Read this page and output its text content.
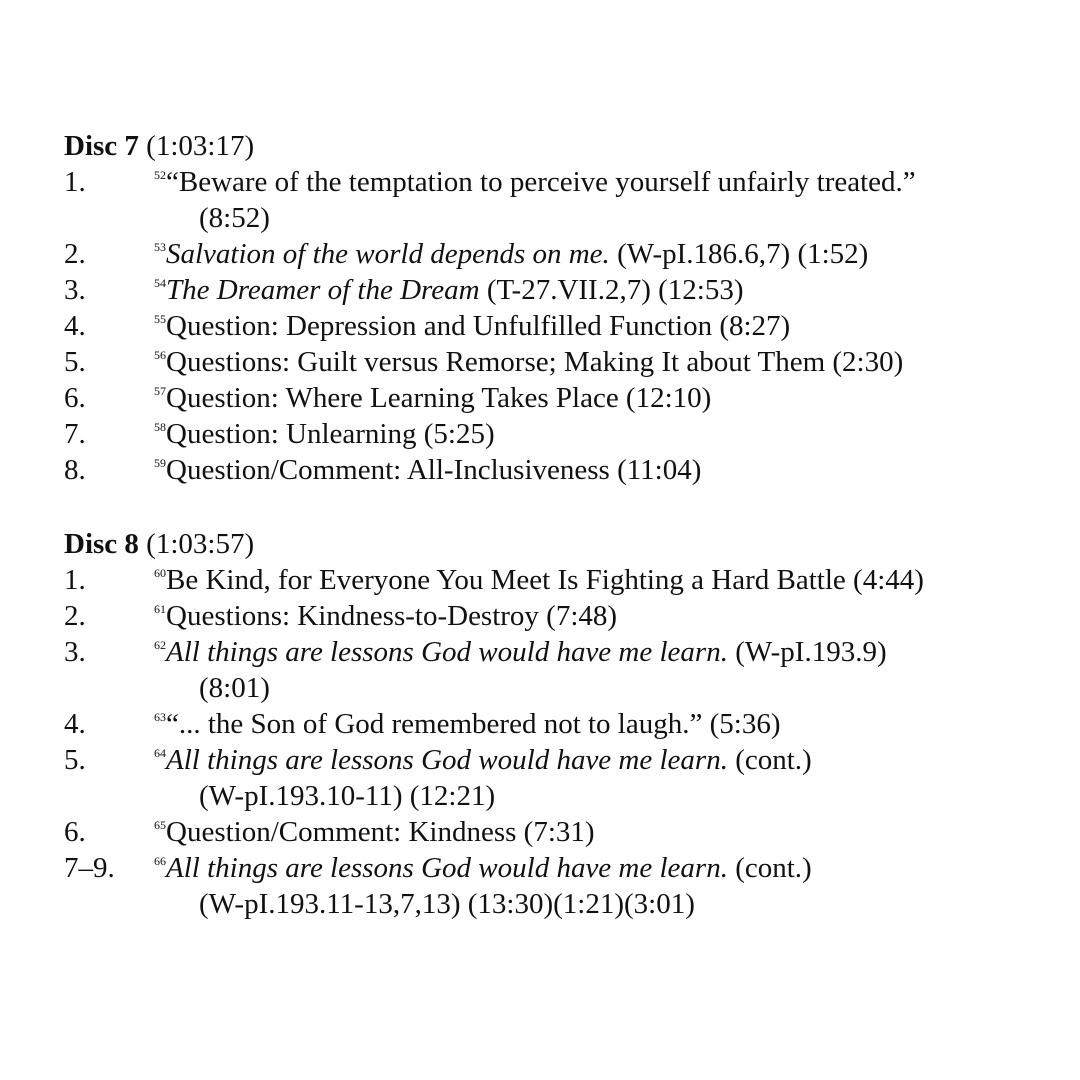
Disc 7 (1:03:17)
1.	$^{52}$“Beware of the temptation to perceive yourself unfairly treated.”
(8:52)
2.	$^{53}$Salvation of the world depends on me. (W-pI.186.6,7) (1:52)
3.	$^{54}$The Dreamer of the Dream (T-27.VII.2,7) (12:53)
4.	$^{55}$Question: Depression and Unfulfilled Function (8:27)
5.	$^{56}$Questions: Guilt versus Remorse; Making It about Them (2:30)
6.	$^{57}$Question: Where Learning Takes Place (12:10)
7.	$^{58}$Question: Unlearning (5:25)
8.	$^{59}$Question/Comment: All-Inclusiveness (11:04)
Disc 8 (1:03:57)
1.	$^{60}$Be Kind, for Everyone You Meet Is Fighting a Hard Battle (4:44)
2.	$^{61}$Questions: Kindness-to-Destroy (7:48)
3.	$^{62}$All things are lessons God would have me learn. (W-pI.193.9)
(8:01)
4.	$^{63}$“... the Son of God remembered not to laugh.” (5:36)
5.	$^{64}$All things are lessons God would have me learn. (cont.)
(W-pI.193.10-11) (12:21)
6.	$^{65}$Question/Comment: Kindness (7:31)
7–9.	$^{66}$All things are lessons God would have me learn. (cont.)
(W-pI.193.11-13,7,13) (13:30)(1:21)(3:01)
